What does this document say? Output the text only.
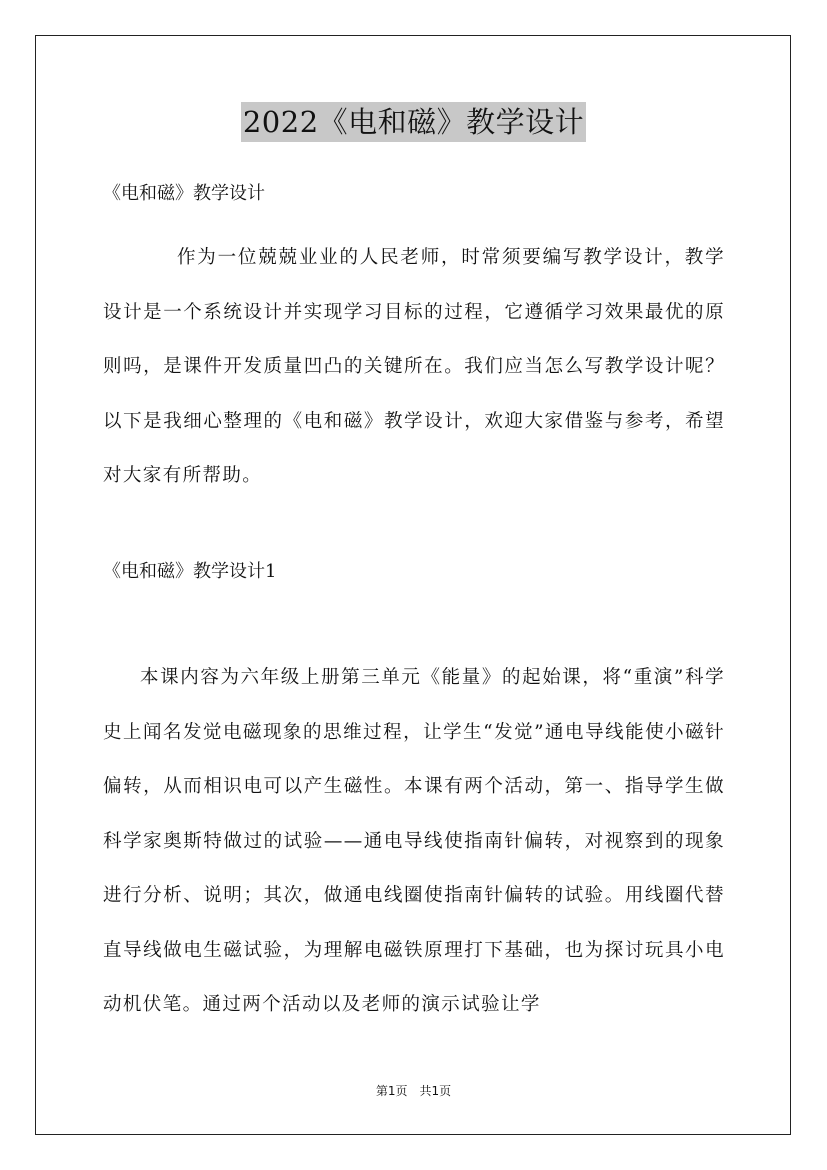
2022《电和磁》教学设计
《电和磁》教学设计
作为一位兢兢业业的人民老师，时常须要编写教学设计，教学设计是一个系统设计并实现学习目标的过程，它遵循学习效果最优的原则吗，是课件开发质量凹凸的关键所在。我们应当怎么写教学设计呢？以下是我细心整理的《电和磁》教学设计，欢迎大家借鉴与参考，希望对大家有所帮助。
《电和磁》教学设计1
本课内容为六年级上册第三单元《能量》的起始课，将“重演”科学史上闻名发觉电磁现象的思维过程，让学生“发觉”通电导线能使小磁针偏转，从而相识电可以产生磁性。本课有两个活动，第一、指导学生做科学家奥斯特做过的试验——通电导线使指南针偏转，对视察到的现象进行分析、说明；其次，做通电线圈使指南针偏转的试验。用线圈代替直导线做电生磁试验，为理解电磁铁原理打下基础，也为探讨玩具小电动机伏笔。通过两个活动以及老师的演示试验让学
第1页　共1页
